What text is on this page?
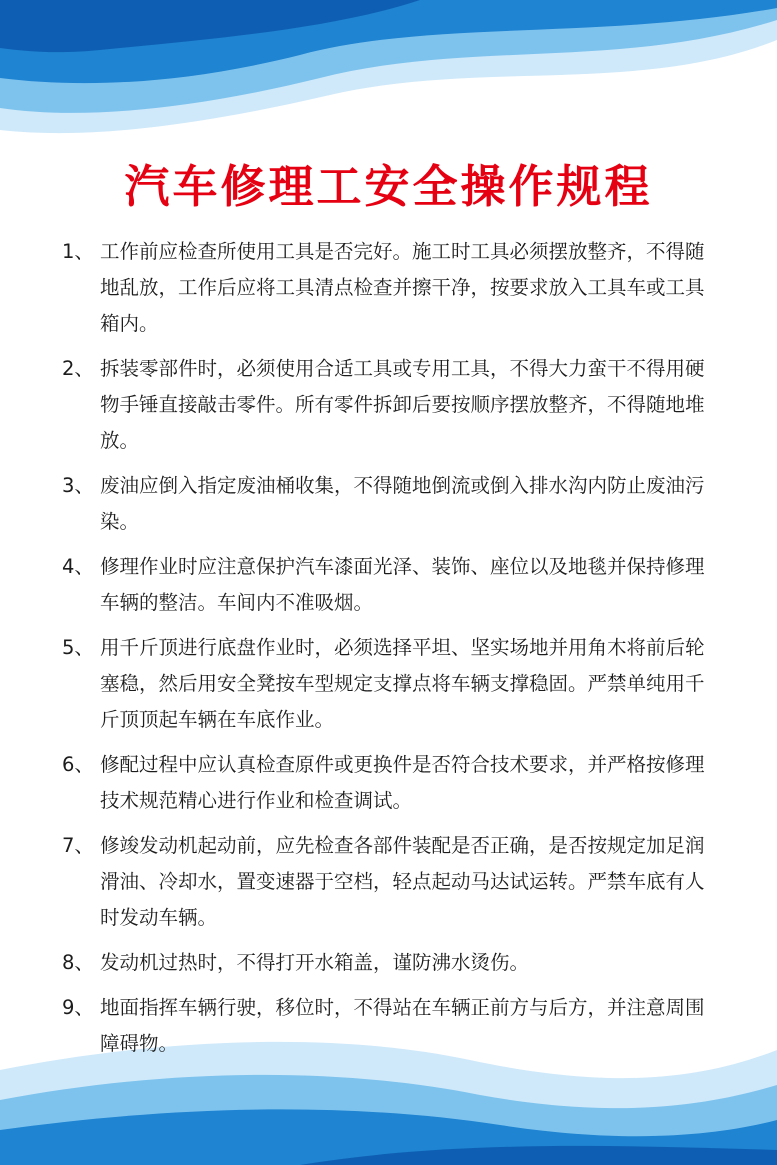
汽车修理工安全操作规程
1、 工作前应检查所使用工具是否完好。施工时工具必须摆放整齐，不得随地乱放，工作后应将工具清点检查并擦干净，按要求放入工具车或工具箱内。
2、 拆装零部件时，必须使用合适工具或专用工具，不得大力蛮干不得用硬物手锤直接敲击零件。所有零件拆卸后要按顺序摆放整齐，不得随地堆放。
3、 废油应倒入指定废油桶收集，不得随地倒流或倒入排水沟内防止废油污染。
4、 修理作业时应注意保护汽车漆面光泽、装饰、座位以及地毯并保持修理车辆的整洁。车间内不准吸烟。
5、 用千斤顶进行底盘作业时，必须选择平坦、坚实场地并用角木将前后轮塞稳，然后用安全凳按车型规定支撑点将车辆支撑稳固。严禁单纯用千斤顶顶起车辆在车底作业。
6、 修配过程中应认真检查原件或更换件是否符合技术要求，并严格按修理技术规范精心进行作业和检查调试。
7、 修竣发动机起动前，应先检查各部件装配是否正确，是否按规定加足润滑油、冷却水，置变速器于空档，轻点起动马达试运转。严禁车底有人时发动车辆。
8、 发动机过热时，不得打开水箱盖，谨防沸水烫伤。
9、 地面指挥车辆行驶，移位时，不得站在车辆正前方与后方，并注意周围障碍物。
